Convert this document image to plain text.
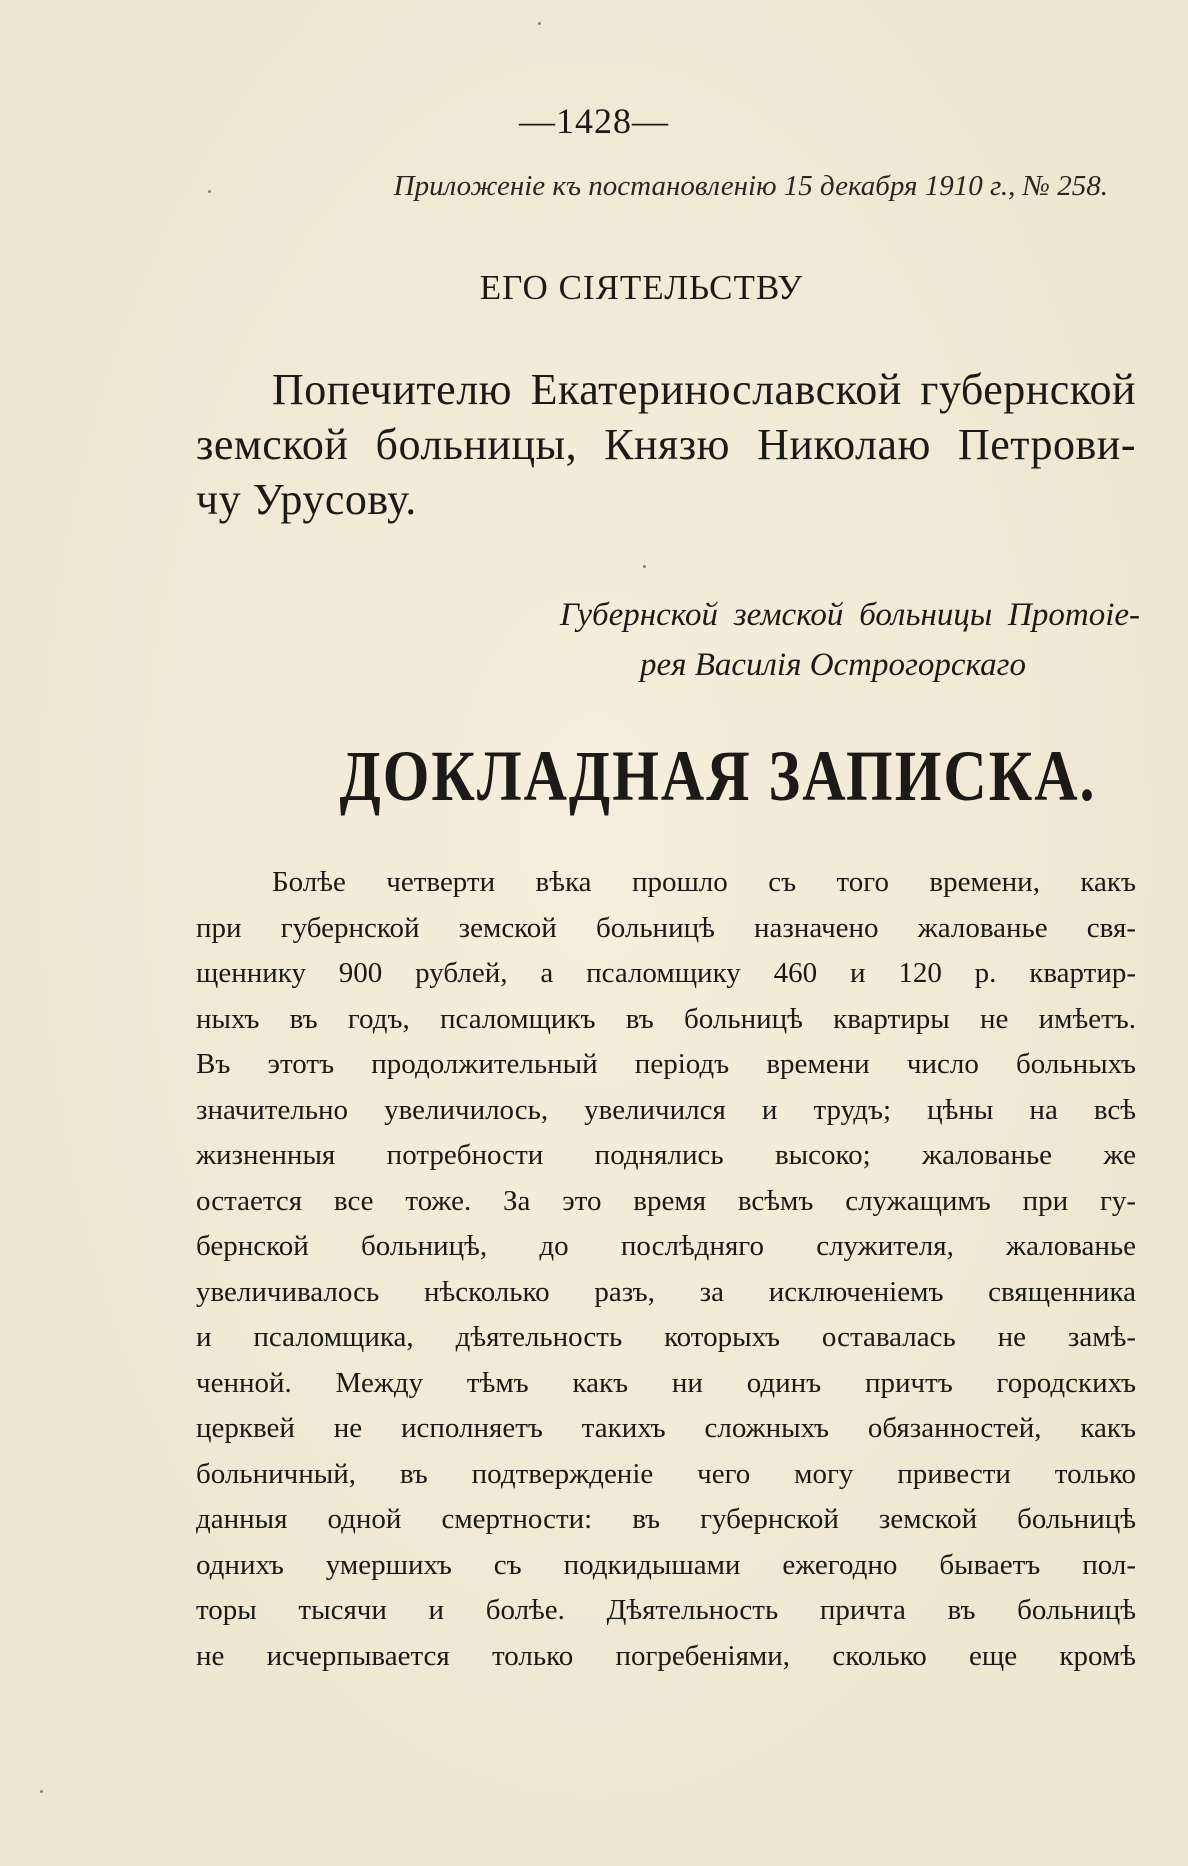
—1428—
Приложеніе къ постановленію 15 декабря 1910 г., № 258.
ЕГО СІЯТЕЛЬСТВУ
Попечителю Екатеринославской губернской
земской больницы, Князю Николаю Петрови-
чу Урусову.
Губернской земской больницы Протоіе-
рея Василія Острогорскаго
ДОКЛАДНАЯ ЗАПИСКА.
Болѣе четверти вѣка прошло съ того времени, какъ
при губернской земской больницѣ назначено жалованье свя-
щеннику 900 рублей, а псаломщику 460 и 120 р. квартир-
ныхъ въ годъ, псаломщикъ въ больницѣ квартиры не имѣетъ.
Въ этотъ продолжительный періодъ времени число больныхъ
значительно увеличилось, увеличился и трудъ; цѣны на всѣ
жизненныя потребности поднялись высоко; жалованье же
остается все тоже. За это время всѣмъ служащимъ при гу-
бернской больницѣ, до послѣдняго служителя, жалованье
увеличивалось нѣсколько разъ, за исключеніемъ священника
и псаломщика, дѣятельность которыхъ оставалась не замѣ-
ченной. Между тѣмъ какъ ни одинъ причтъ городскихъ
церквей не исполняетъ такихъ сложныхъ обязанностей, какъ
больничный, въ подтвержденіе чего могу привести только
данныя одной смертности: въ губернской земской больницѣ
однихъ умершихъ съ подкидышами ежегодно бываетъ пол-
торы тысячи и болѣе. Дѣятельность причта въ больницѣ
не исчерпывается только погребеніями, сколько еще кромѣ
